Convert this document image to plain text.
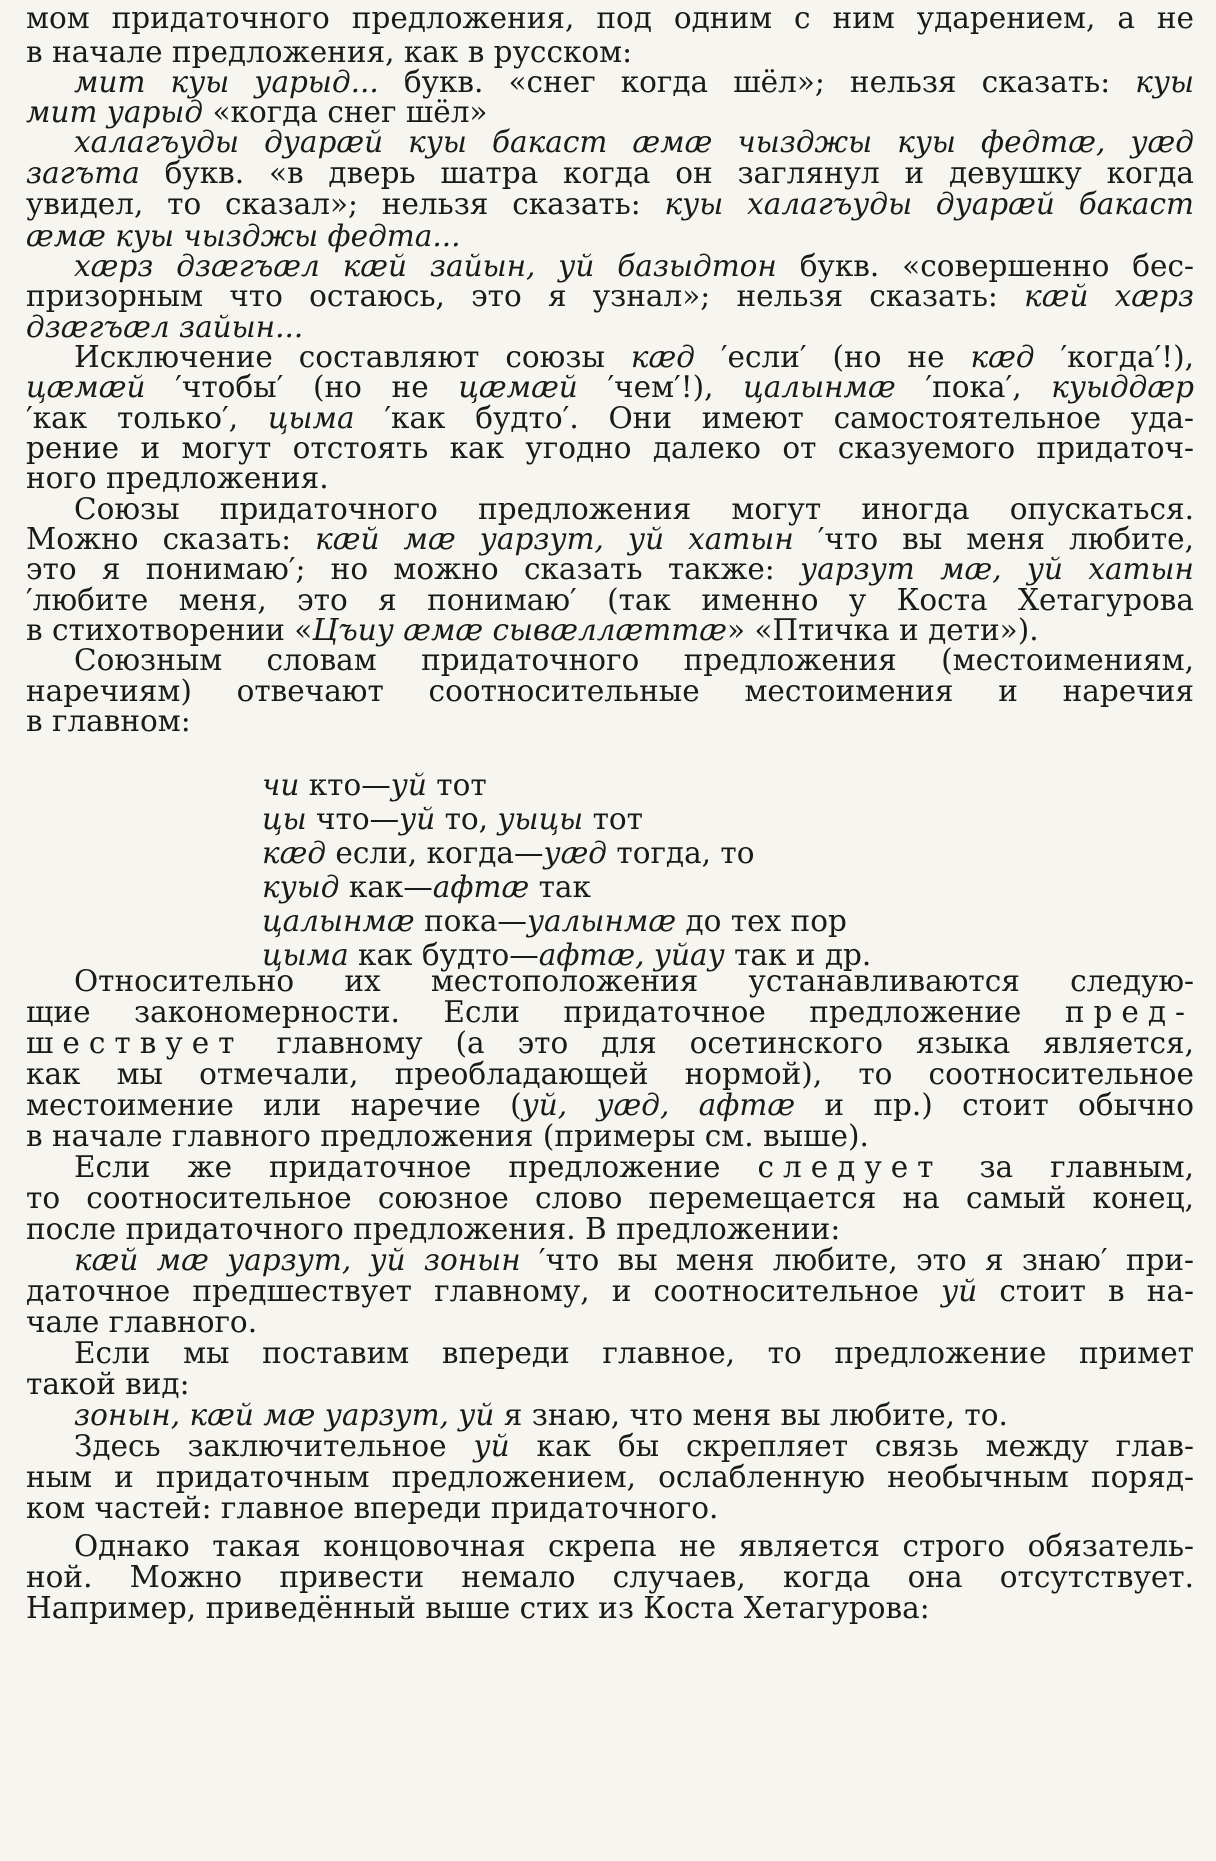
мом придаточного предложения, под одним с ним ударением, а не
в начале предложения, как в русском:
мит куы уарыд... букв. «снег когда шёл»; нельзя сказать: куы
мит уарыд «когда снег шёл»
халагъуды дуарæй куы бакаст æмæ чызджы куы федтæ, уæд
загъта букв. «в дверь шатра когда он заглянул и девушку когда
увидел, то сказал»; нельзя сказать: куы халагъуды дуарæй бакаст
æмæ куы чызджы федта...
хæрз дзæгъæл кæй зайын, уй базыдтон букв. «совершенно бес-
призорным что остаюсь, это я узнал»; нельзя сказать: кæй хæрз
дзæгъæл зайын...
Исключение составляют союзы кæд ′если′ (но не кæд ′когда′!),
цæмæй ′чтобы′ (но не цæмæй ′чем′!), цалынмæ ′пока′, куыддæр
′как только′, цыма ′как будто′. Они имеют самостоятельное уда-
рение и могут отстоять как угодно далеко от сказуемого придаточ-
ного предложения.
Союзы придаточного предложения могут иногда опускаться.
Можно сказать: кæй мæ уарзут, уй хатын ′что вы меня любите,
это я понимаю′; но можно сказать также: уарзут мæ, уй хатын
′любите меня, это я понимаю′ (так именно у Коста Хетагурова
в стихотворении «Цъиу æмæ сывæллæттæ» «Птичка и дети»).
Союзным словам придаточного предложения (местоимениям,
наречиям) отвечают соотносительные местоимения и наречия
в главном:
чи кто—уй тот
цы что—уй то, уыцы тот
кæд если, когда—уæд тогда, то
куыд как—афтæ так
цалынмæ пока—уалынмæ до тех пор
цыма как будто—афтæ, уйау так и др.
Относительно их местоположения устанавливаются следую-
щие закономерности. Если придаточное предложение пред-
шествует главному (а это для осетинского языка является,
как мы отмечали, преобладающей нормой), то соотносительное
местоимение или наречие (уй, уæд, афтæ и пр.) стоит обычно
в начале главного предложения (примеры см. выше).
Если же придаточное предложение следует за главным,
то соотносительное союзное слово перемещается на самый конец,
после придаточного предложения. В предложении:
кæй мæ уарзут, уй зонын ′что вы меня любите, это я знаю′ при-
даточное предшествует главному, и соотносительное уй стоит в на-
чале главного.
Если мы поставим впереди главное, то предложение примет
такой вид:
зонын, кæй мæ уарзут, уй я знаю, что меня вы любите, то.
Здесь заключительное уй как бы скрепляет связь между глав-
ным и придаточным предложением, ослабленную необычным поряд-
ком частей: главное впереди придаточного.
Однако такая концовочная скрепа не является строго обязатель-
ной. Можно привести немало случаев, когда она отсутствует.
Например, приведённый выше стих из Коста Хетагурова:
